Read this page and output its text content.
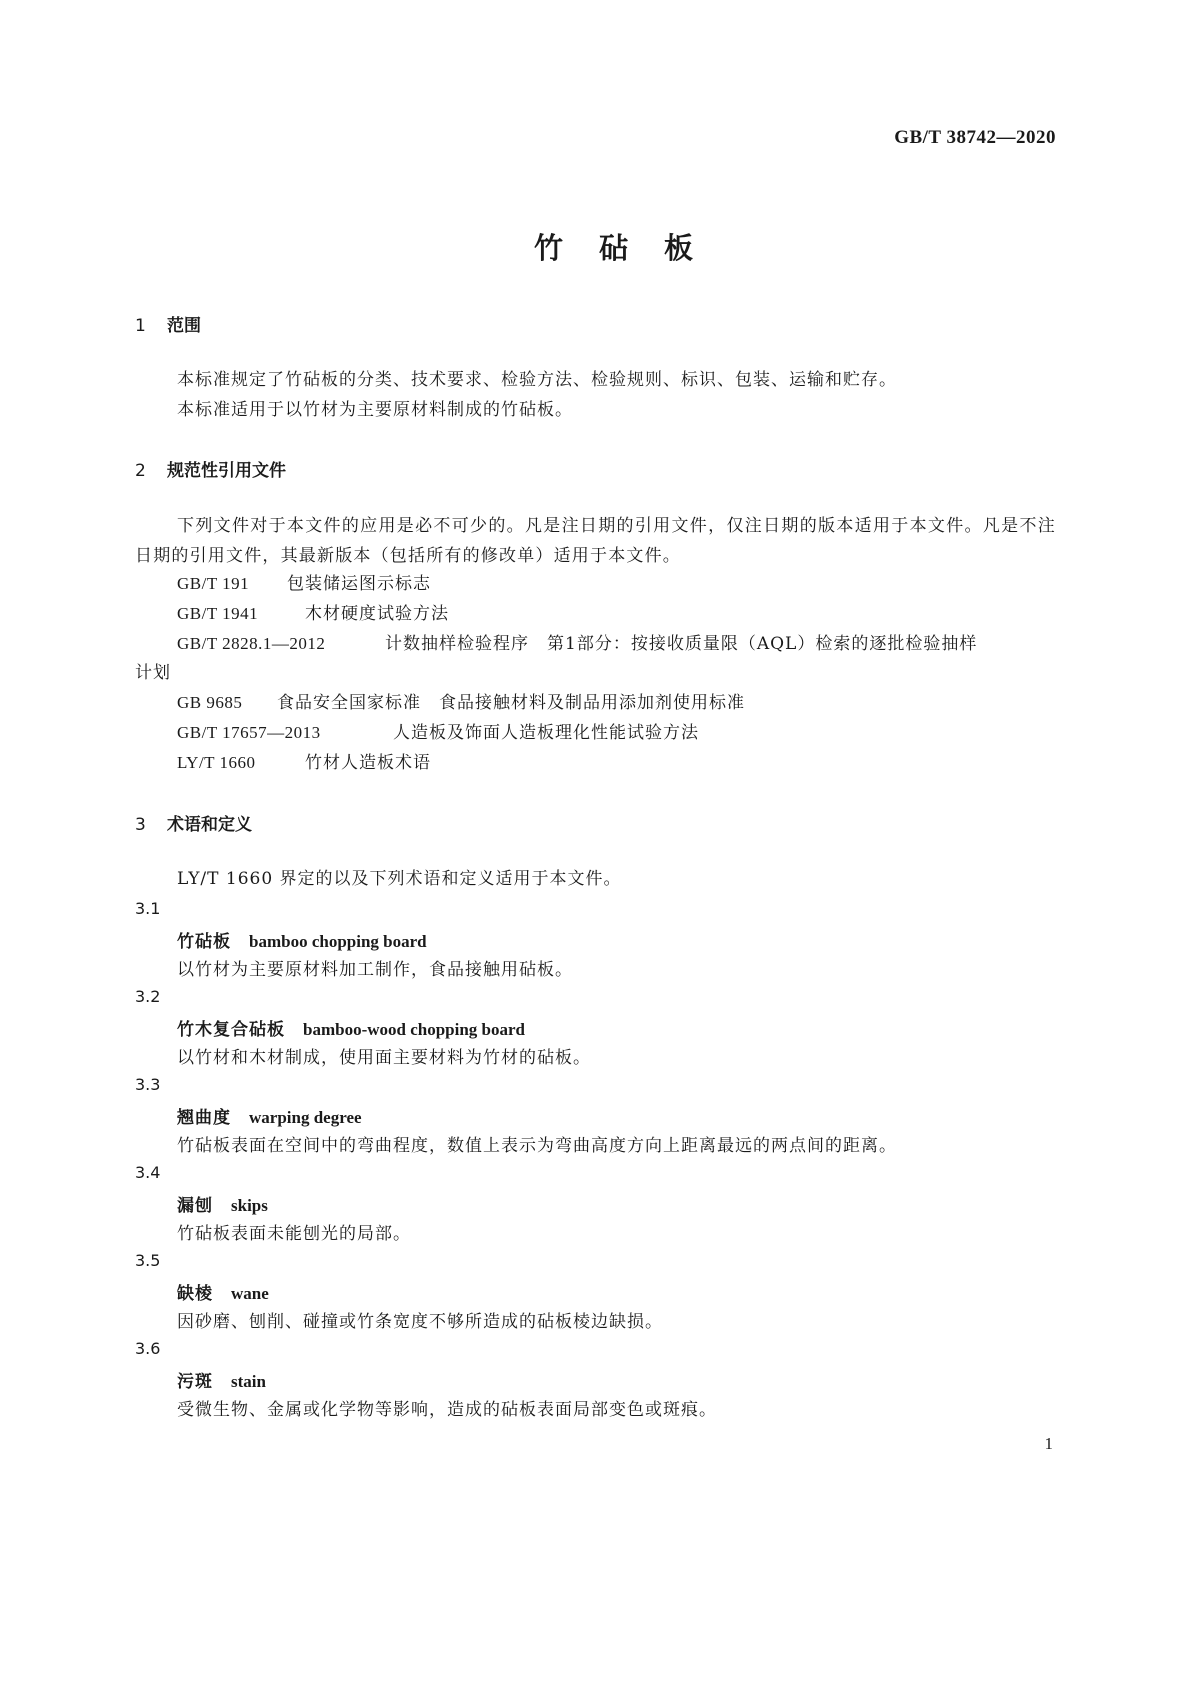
GB/T 38742—2020
竹砧板
1 范围
本标准规定了竹砧板的分类、技术要求、检验方法、检验规则、标识、包装、运输和贮存。
本标准适用于以竹材为主要原材料制成的竹砧板。
2 规范性引用文件
下列文件对于本文件的应用是必不可少的。凡是注日期的引用文件，仅注日期的版本适用于本文件。凡是不注日期的引用文件，其最新版本（包括所有的修改单）适用于本文件。
GB/T 191 包装储运图示标志
GB/T 1941	木材硬度试验方法
GB/T 2828.1—2012	计数抽样检验程序　第1部分：按接收质量限（AQL）检索的逐批检验抽样
计划
GB 9685 食品安全国家标准　食品接触材料及制品用添加剂使用标准
GB/T 17657—2013	人造板及饰面人造板理化性能试验方法
LY/T 1660	竹材人造板术语
3 术语和定义
LY/T 1660 界定的以及下列术语和定义适用于本文件。
3.1
竹砧板 bamboo chopping board
以竹材为主要原材料加工制作，食品接触用砧板。
3.2
竹木复合砧板 bamboo-wood chopping board
以竹材和木材制成，使用面主要材料为竹材的砧板。
3.3
翘曲度 warping degree
竹砧板表面在空间中的弯曲程度，数值上表示为弯曲高度方向上距离最远的两点间的距离。
3.4
漏刨 skips
竹砧板表面未能刨光的局部。
3.5
缺棱 wane
因砂磨、刨削、碰撞或竹条宽度不够所造成的砧板棱边缺损。
3.6
污斑 stain
受微生物、金属或化学物等影响，造成的砧板表面局部变色或斑痕。
1
